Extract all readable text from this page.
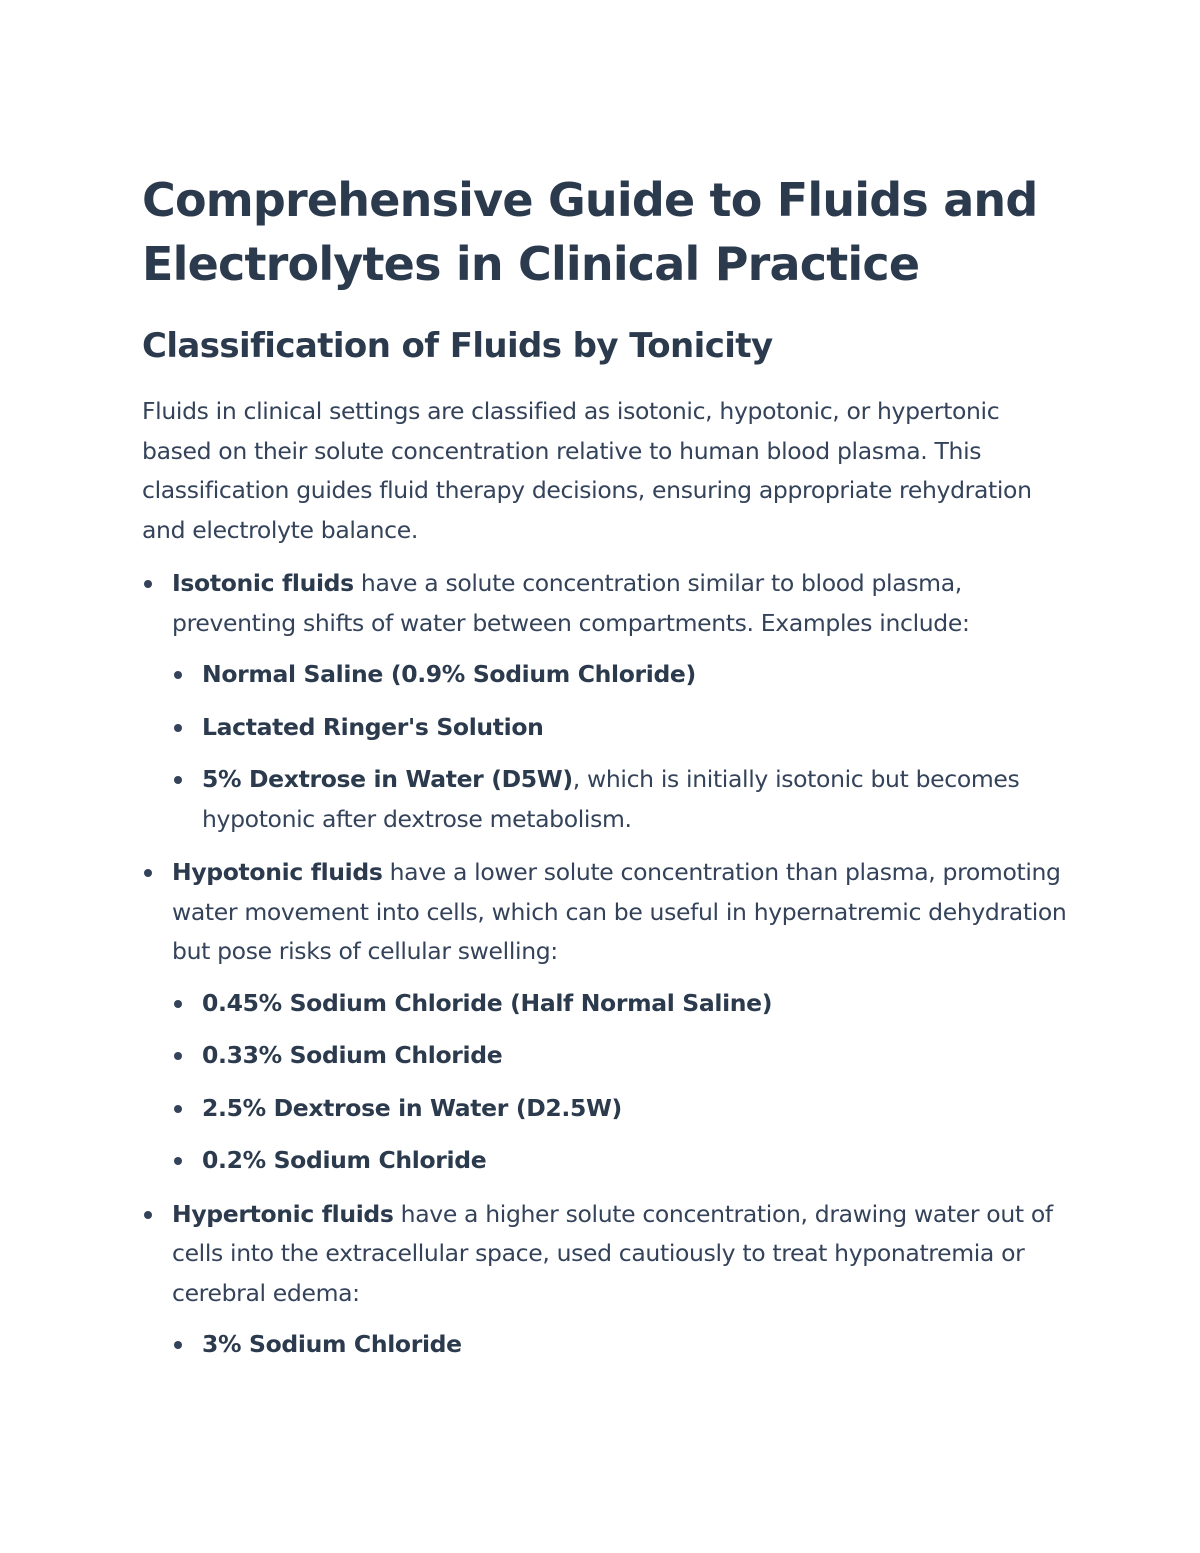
Comprehensive Guide to Fluids and Electrolytes in Clinical Practice
Classification of Fluids by Tonicity

Fluids in clinical settings are classified as isotonic, hypotonic, or hypertonic based on their solute concentration relative to human blood plasma. This classification guides fluid therapy decisions, ensuring appropriate rehydration and electrolyte balance.

Isotonic fluids have a solute concentration similar to blood plasma, preventing shifts of water between compartments. Examples include:
Normal Saline (0.9% Sodium Chloride)
Lactated Ringer's Solution
5% Dextrose in Water (D5W), which is initially isotonic but becomes hypotonic after dextrose metabolism.
Hypotonic fluids have a lower solute concentration than plasma, promoting water movement into cells, which can be useful in hypernatremic dehydration but pose risks of cellular swelling:
0.45% Sodium Chloride (Half Normal Saline)
0.33% Sodium Chloride
2.5% Dextrose in Water (D2.5W)
0.2% Sodium Chloride
Hypertonic fluids have a higher solute concentration, drawing water out of cells into the extracellular space, used cautiously to treat hyponatremia or cerebral edema:
3% Sodium Chloride
